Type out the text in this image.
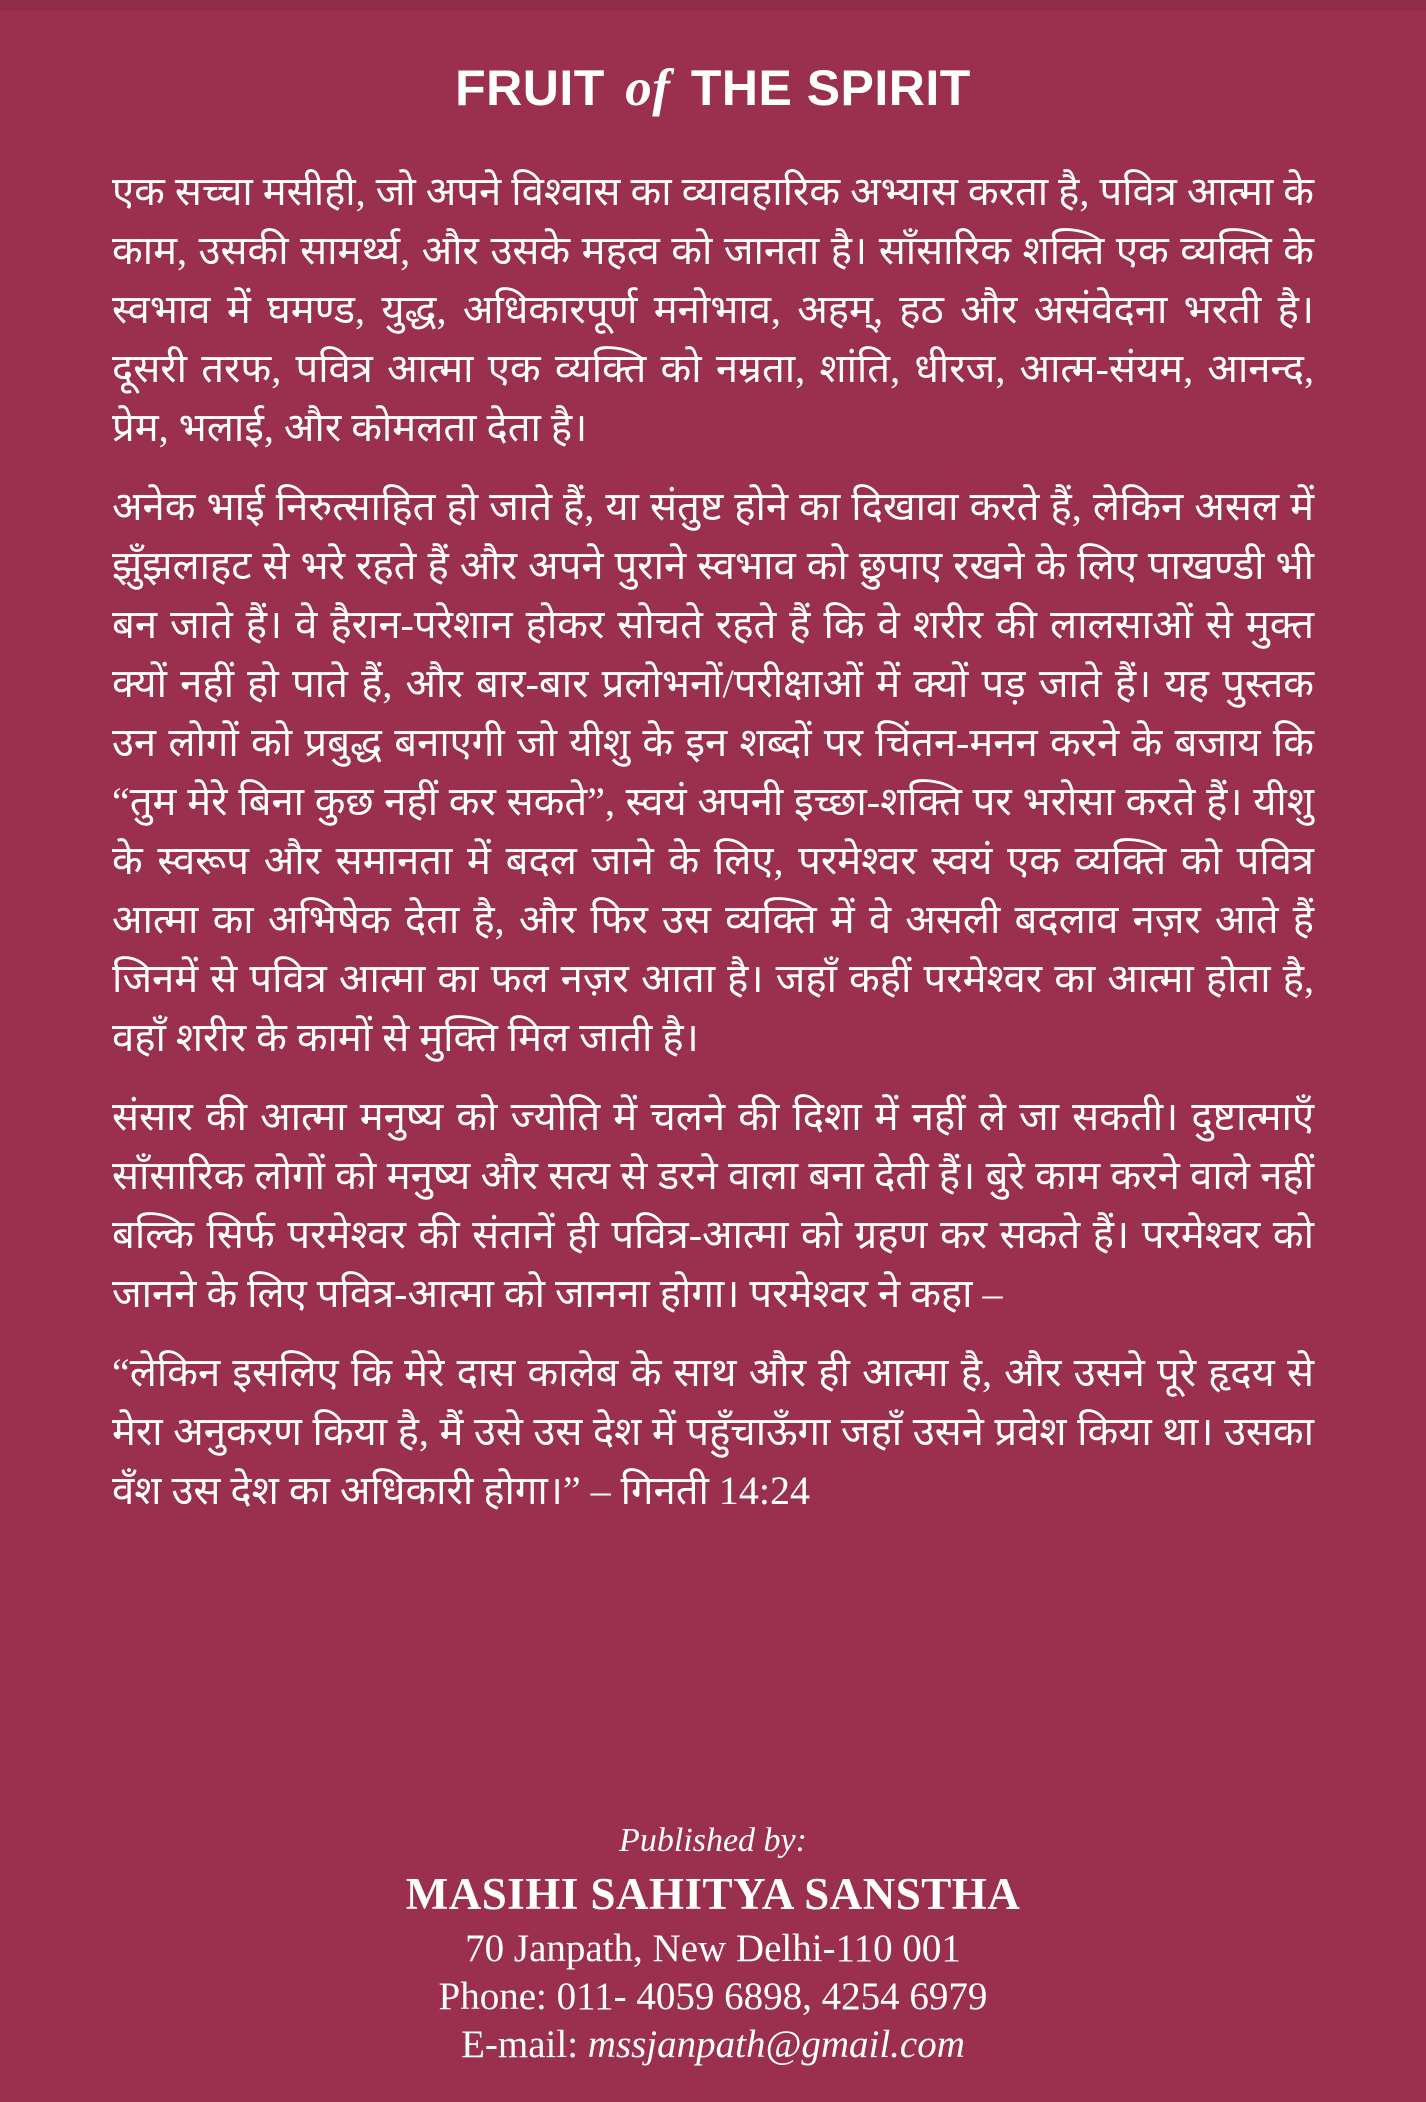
FRUIT of THE SPIRIT

एक सच्चा मसीही, जो अपने विश्वास का व्यावहारिक अभ्यास करता है, पवित्र आत्मा के काम, उसकी सामर्थ्य, और उसके महत्व को जानता है। साँसारिक शक्ति एक व्यक्ति के स्वभाव में घमण्ड, युद्ध, अधिकारपूर्ण मनोभाव, अहम्, हठ और असंवेदना भरती है। दूसरी तरफ, पवित्र आत्मा एक व्यक्ति को नम्रता, शांति, धीरज, आत्म-संयम, आनन्द, प्रेम, भलाई, और कोमलता देता है।

अनेक भाई निरुत्साहित हो जाते हैं, या संतुष्ट होने का दिखावा करते हैं, लेकिन असल में झुँझलाहट से भरे रहते हैं और अपने पुराने स्वभाव को छुपाए रखने के लिए पाखण्डी भी बन जाते हैं। वे हैरान-परेशान होकर सोचते रहते हैं कि वे शरीर की लालसाओं से मुक्त क्यों नहीं हो पाते हैं, और बार-बार प्रलोभनों/परीक्षाओं में क्यों पड़ जाते हैं। यह पुस्तक उन लोगों को प्रबुद्ध बनाएगी जो यीशु के इन शब्दों पर चिंतन-मनन करने के बजाय कि “तुम मेरे बिना कुछ नहीं कर सकते”, स्वयं अपनी इच्छा-शक्ति पर भरोसा करते हैं। यीशु के स्वरूप और समानता में बदल जाने के लिए, परमेश्वर स्वयं एक व्यक्ति को पवित्र आत्मा का अभिषेक देता है, और फिर उस व्यक्ति में वे असली बदलाव नज़र आते हैं जिनमें से पवित्र आत्मा का फल नज़र आता है। जहाँ कहीं परमेश्वर का आत्मा होता है, वहाँ शरीर के कामों से मुक्ति मिल जाती है।

संसार की आत्मा मनुष्य को ज्योति में चलने की दिशा में नहीं ले जा सकती। दुष्टात्माएँ साँसारिक लोगों को मनुष्य और सत्य से डरने वाला बना देती हैं। बुरे काम करने वाले नहीं बल्कि सिर्फ परमेश्वर की संतानें ही पवित्र-आत्मा को ग्रहण कर सकते हैं। परमेश्वर को जानने के लिए पवित्र-आत्मा को जानना होगा। परमेश्वर ने कहा –

“लेकिन इसलिए कि मेरे दास कालेब के साथ और ही आत्मा है, और उसने पूरे हृदय से मेरा अनुकरण किया है, मैं उसे उस देश में पहुँचाऊँगा जहाँ उसने प्रवेश किया था। उसका वँश उस देश का अधिकारी होगा।” – गिनती 14:24

Published by:
MASIHI SAHITYA SANSTHA
70 Janpath, New Delhi-110 001
Phone: 011- 4059 6898, 4254 6979
E-mail: mssjanpath@gmail.com
